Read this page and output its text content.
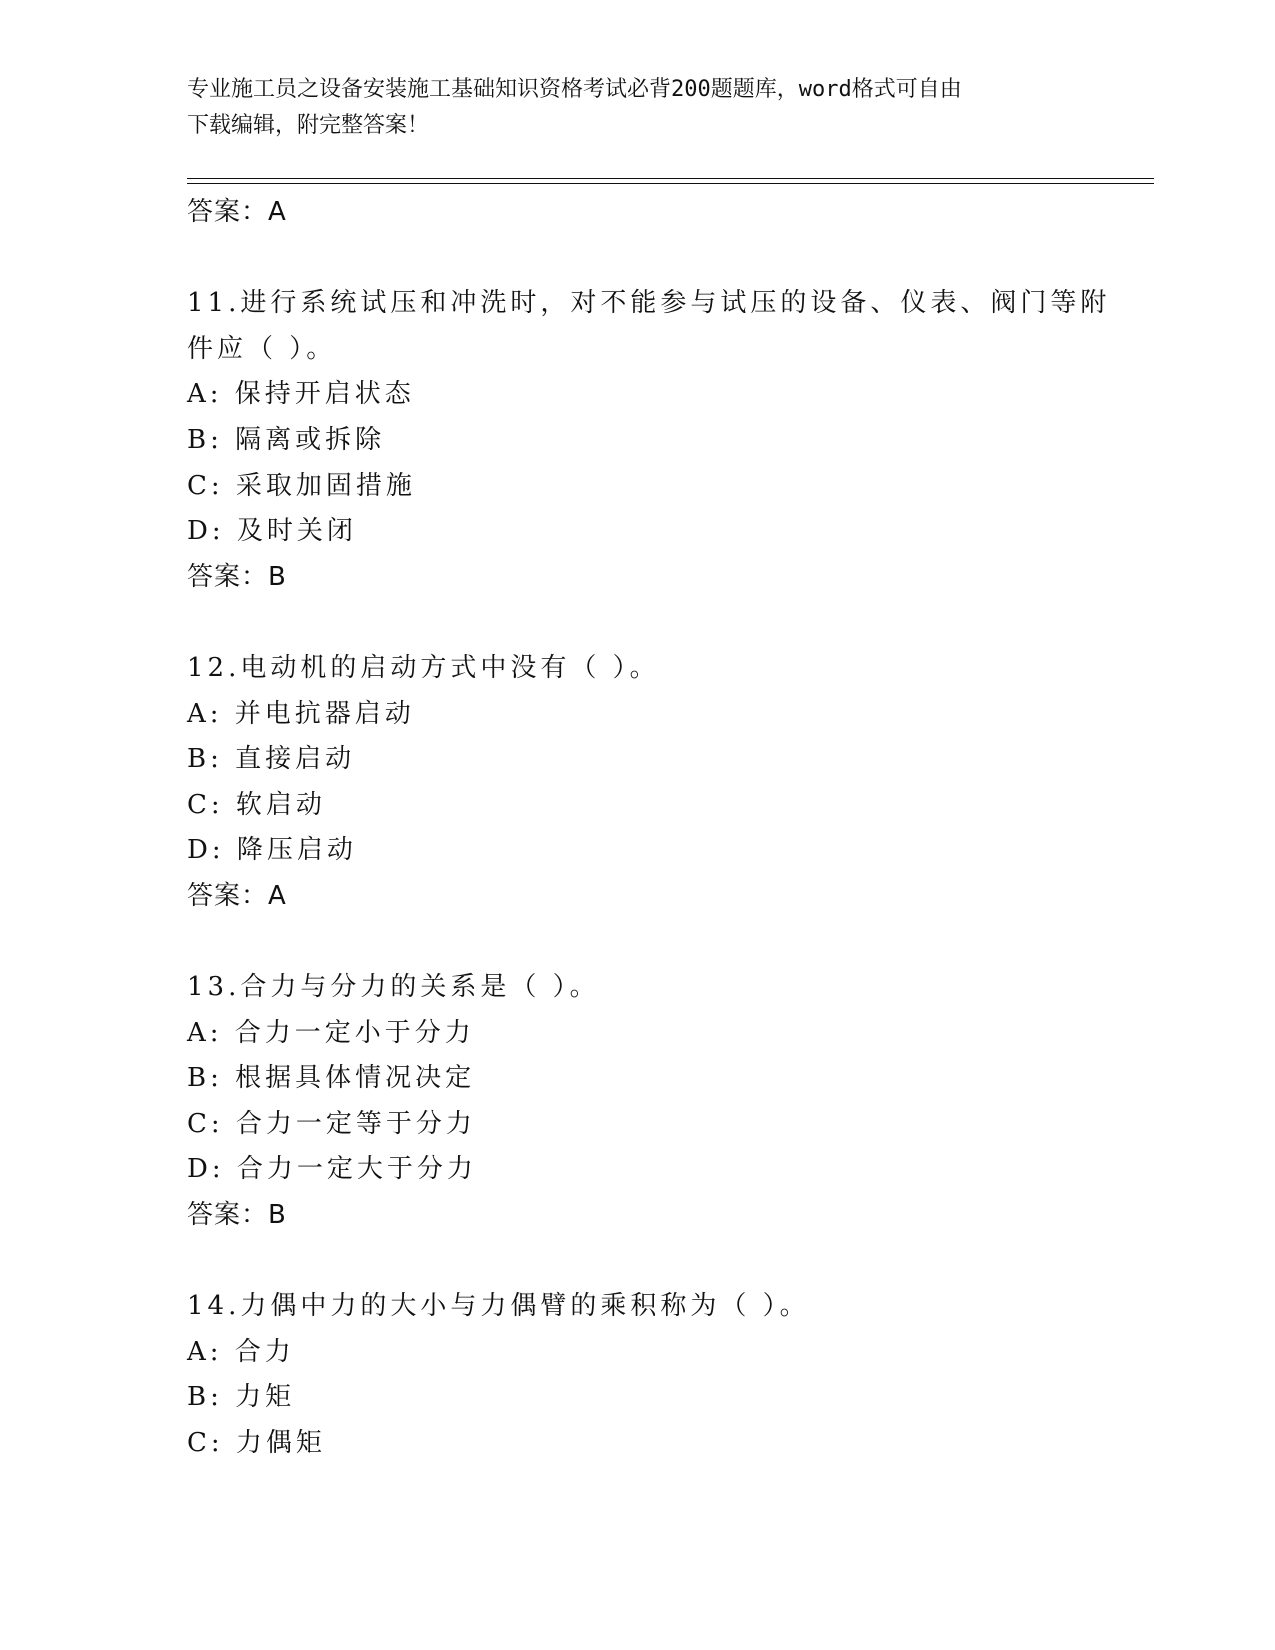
专业施工员之设备安装施工基础知识资格考试必背200题题库，word格式可自由
下载编辑，附完整答案！
答案：A
11.进行系统试压和冲洗时，对不能参与试压的设备、仪表、阀门等附
件应（ ）。
A: 保持开启状态
B: 隔离或拆除
C: 采取加固措施
D: 及时关闭
答案：B
12.电动机的启动方式中没有（ ）。
A: 并电抗器启动
B: 直接启动
C: 软启动
D: 降压启动
答案：A
13.合力与分力的关系是（ ）。
A: 合力一定小于分力
B: 根据具体情况决定
C: 合力一定等于分力
D: 合力一定大于分力
答案：B
14.力偶中力的大小与力偶臂的乘积称为（ ）。
A: 合力
B: 力矩
C: 力偶矩
